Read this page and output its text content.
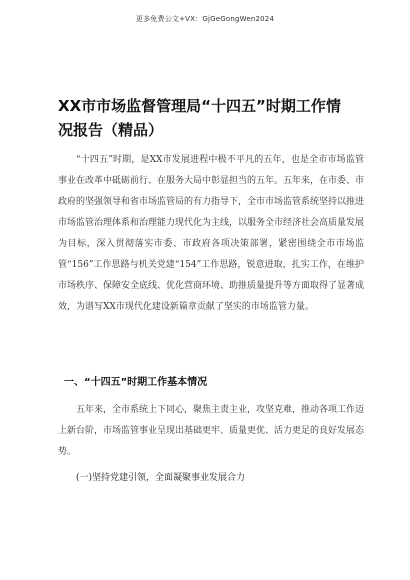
更多免费公文+VX：GjGeGongWen2024
XX市市场监督管理局“十四五”时期工作情
况报告（精品）
“十四五”时期，是XX市发展进程中极不平凡的五年，也是全市市场监管事业在改革中砥砺前行、在服务大局中彰显担当的五年。五年来，在市委、市政府的坚强领导和省市场监管局的有力指导下，全市市场监管系统坚持以推进市场监管治理体系和治理能力现代化为主线，以服务全市经济社会高质量发展为目标，深入贯彻落实市委、市政府各项决策部署，紧密围绕全市市场监管“156”工作思路与机关党建“154”工作思路，锐意进取，扎实工作，在维护市场秩序、保障安全底线、优化营商环境、助推质量提升等方面取得了显著成效，为谱写XX市现代化建设新篇章贡献了坚实的市场监管力量。
一、“十四五”时期工作基本情况
五年来，全市系统上下同心，聚焦主责主业，攻坚克难，推动各项工作迈上新台阶，市场监管事业呈现出基础更牢、质量更优、活力更足的良好发展态势。
(一)坚持党建引领，全面凝聚事业发展合力
